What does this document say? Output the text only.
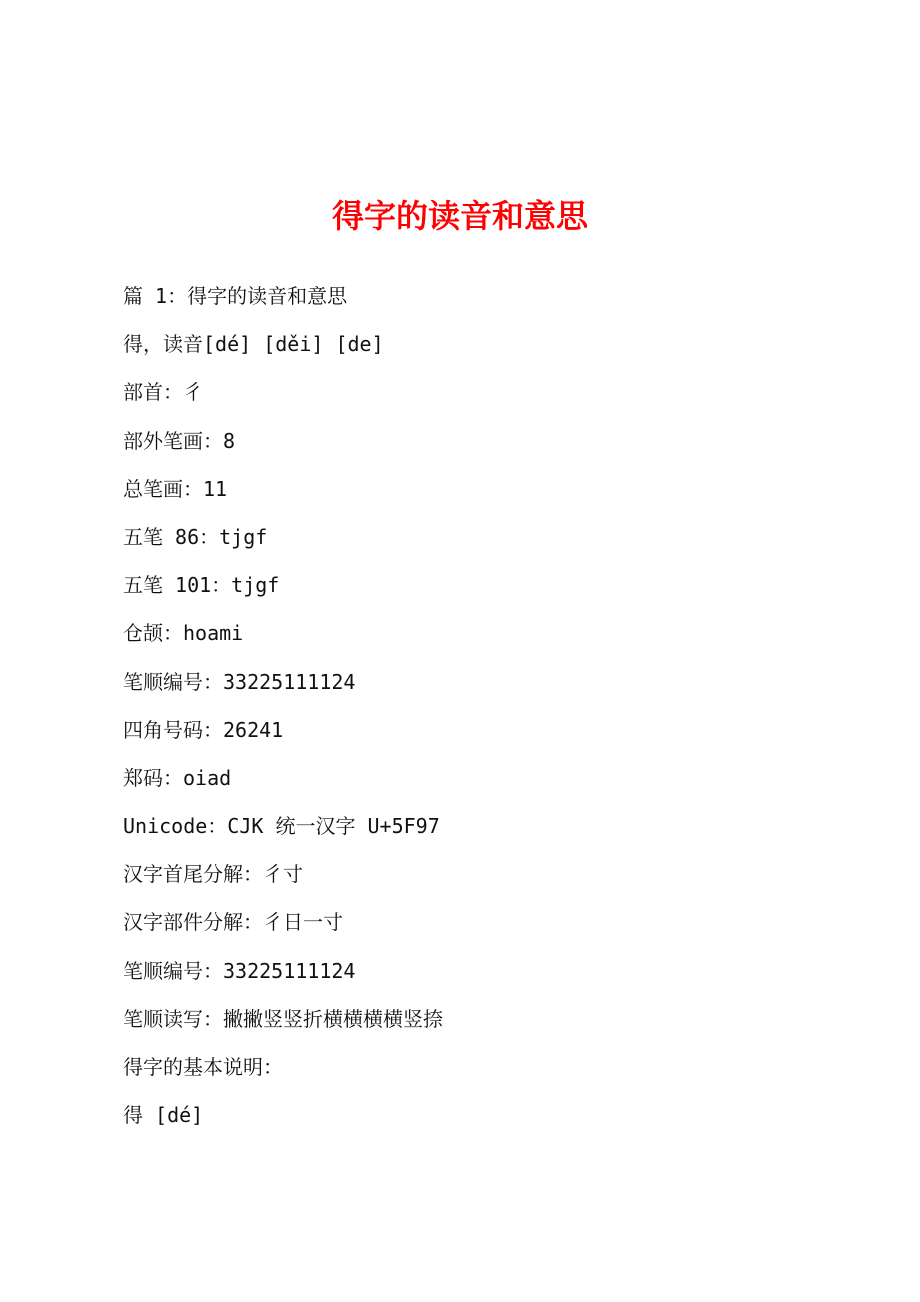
得字的读音和意思

篇 1：得字的读音和意思

得，读音[dé] [děi] [de]

部首：彳

部外笔画：8

总笔画：11

五笔 86：tjgf

五笔 101：tjgf

仓颉：hoami

笔顺编号：33225111124

四角号码：26241

郑码：oiad

Unicode：CJK 统一汉字 U+5F97

汉字首尾分解：彳寸

汉字部件分解：彳日一寸

笔顺编号：33225111124

笔顺读写：撇撇竖竖折横横横横竖捺

得字的基本说明：

得 [dé]
